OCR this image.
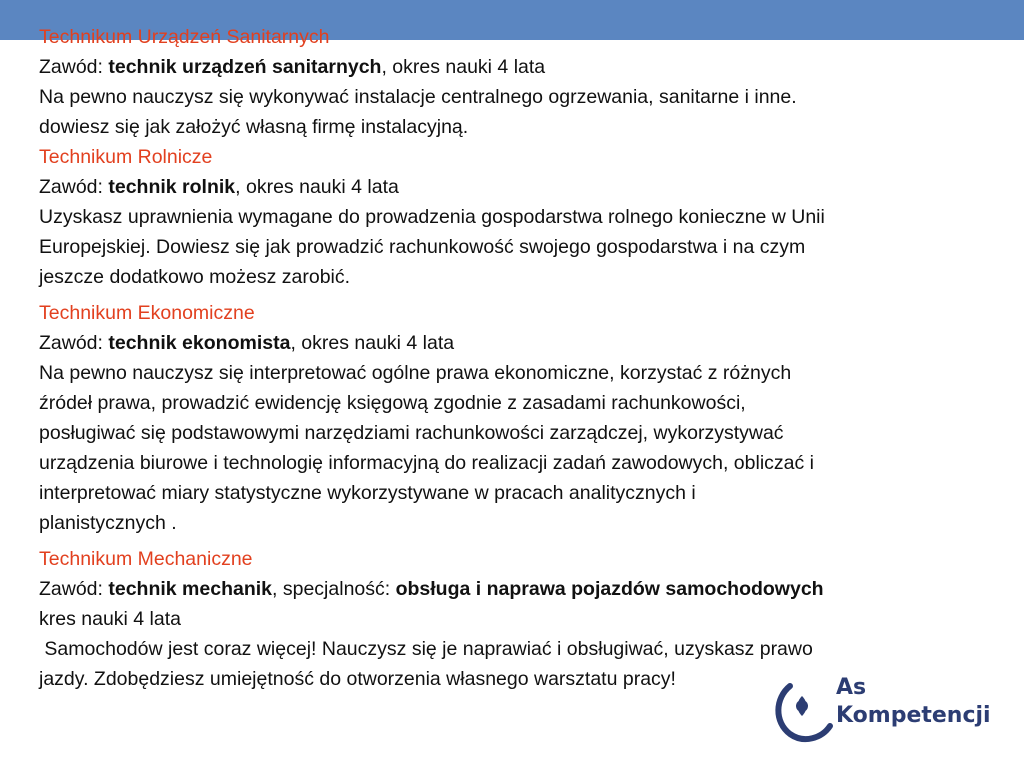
Technikum Urządzeń Sanitarnych
Zawód: technik urządzeń sanitarnych, okres nauki 4 lata
Na pewno nauczysz się wykonywać instalacje centralnego ogrzewania, sanitarne i inne.
dowiesz się jak założyć własną firmę instalacyjną.
Technikum Rolnicze
Zawód: technik rolnik, okres nauki 4 lata
Uzyskasz uprawnienia wymagane do prowadzenia gospodarstwa rolnego konieczne w Unii
Europejskiej. Dowiesz się jak prowadzić rachunkowość swojego gospodarstwa i na czym
jeszcze dodatkowo możesz zarobić.
Technikum Ekonomiczne
Zawód: technik ekonomista, okres nauki 4 lata
Na pewno nauczysz się interpretować ogólne prawa ekonomiczne, korzystać z różnych
źródeł prawa, prowadzić ewidencję księgową zgodnie z zasadami rachunkowości,
posługiwać się podstawowymi narzędziami rachunkowości zarządczej, wykorzystywać
urządzenia biurowe i technologię informacyjną do realizacji zadań zawodowych, obliczać i
interpretować miary statystyczne wykorzystywane w pracach analitycznych i
planistycznych .
Technikum Mechaniczne
Zawód: technik mechanik, specjalność: obsługa i naprawa pojazdów samochodowych
kres nauki 4 lata
Samochodów jest coraz więcej! Nauczysz się je naprawiać i obsługiwać, uzyskasz prawo
jazdy. Zdobędziesz umiejętność do otworzenia własnego warsztatu pracy!	As
Kompetencji
